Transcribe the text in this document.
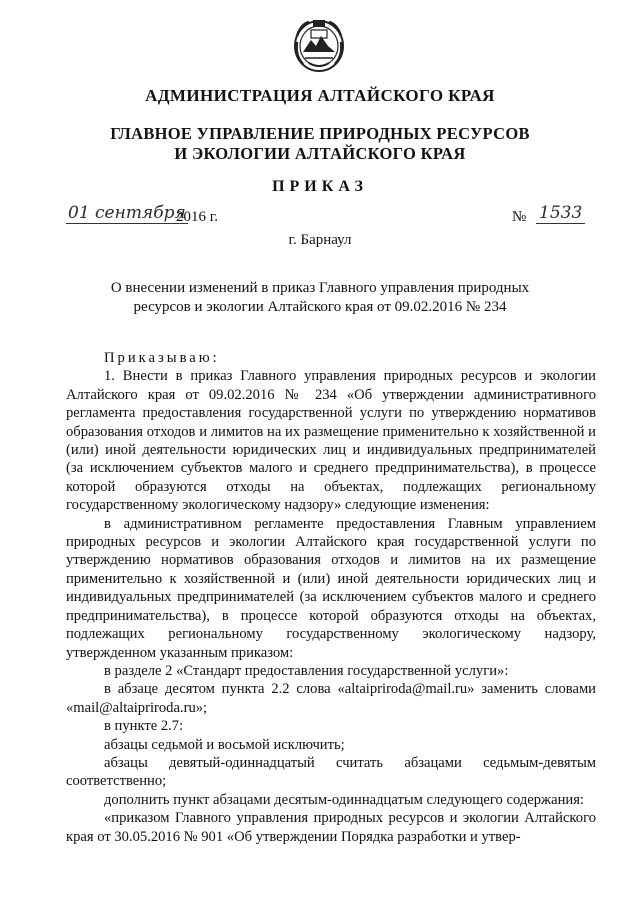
АДМИНИСТРАЦИЯ АЛТАЙСКОГО КРАЯ
ГЛАВНОЕ УПРАВЛЕНИЕ ПРИРОДНЫХ РЕСУРСОВ
И ЭКОЛОГИИ АЛТАЙСКОГО КРАЯ
ПРИКАЗ
01 сентября
2016 г.	№ 1533
г. Барнаул
О внесении изменений в приказ Главного управления природных
ресурсов и экологии Алтайского края от 09.02.2016 № 234

Приказываю:

1. Внести в приказ Главного управления природных ресурсов и экологии Алтайского края от 09.02.2016 № 234 «Об утверждении административного регламента предоставления государственной услуги по утверждению нормативов образования отходов и лимитов на их размещение применительно к хозяйственной и (или) иной деятельности юридических лиц и индивидуальных предпринимателей (за исключением субъектов малого и среднего предпринимательства), в процессе которой образуются отходы на объектах, подлежащих региональному государственному экологическому надзору» следующие изменения:

в административном регламенте предоставления Главным управлением природных ресурсов и экологии Алтайского края государственной услуги по утверждению нормативов образования отходов и лимитов на их размещение применительно к хозяйственной и (или) иной деятельности юридических лиц и индивидуальных предпринимателей (за исключением субъектов малого и среднего предпринимательства), в процессе которой образуются отходы на объектах, подлежащих региональному государственному экологическому надзору, утвержденном указанным приказом:

в разделе 2 «Стандарт предоставления государственной услуги»:

в абзаце десятом пункта 2.2 слова «altaipriroda@mail.ru» заменить словами «mail@altaipriroda.ru»;

в пункте 2.7:

абзацы седьмой и восьмой исключить;

абзацы девятый-одиннадцатый считать абзацами седьмым-девятым соответственно;

дополнить пункт абзацами десятым-одиннадцатым следующего содержания:

«приказом Главного управления природных ресурсов и экологии Алтайского края от 30.05.2016 № 901 «Об утверждении Порядка разработки и утвер-
